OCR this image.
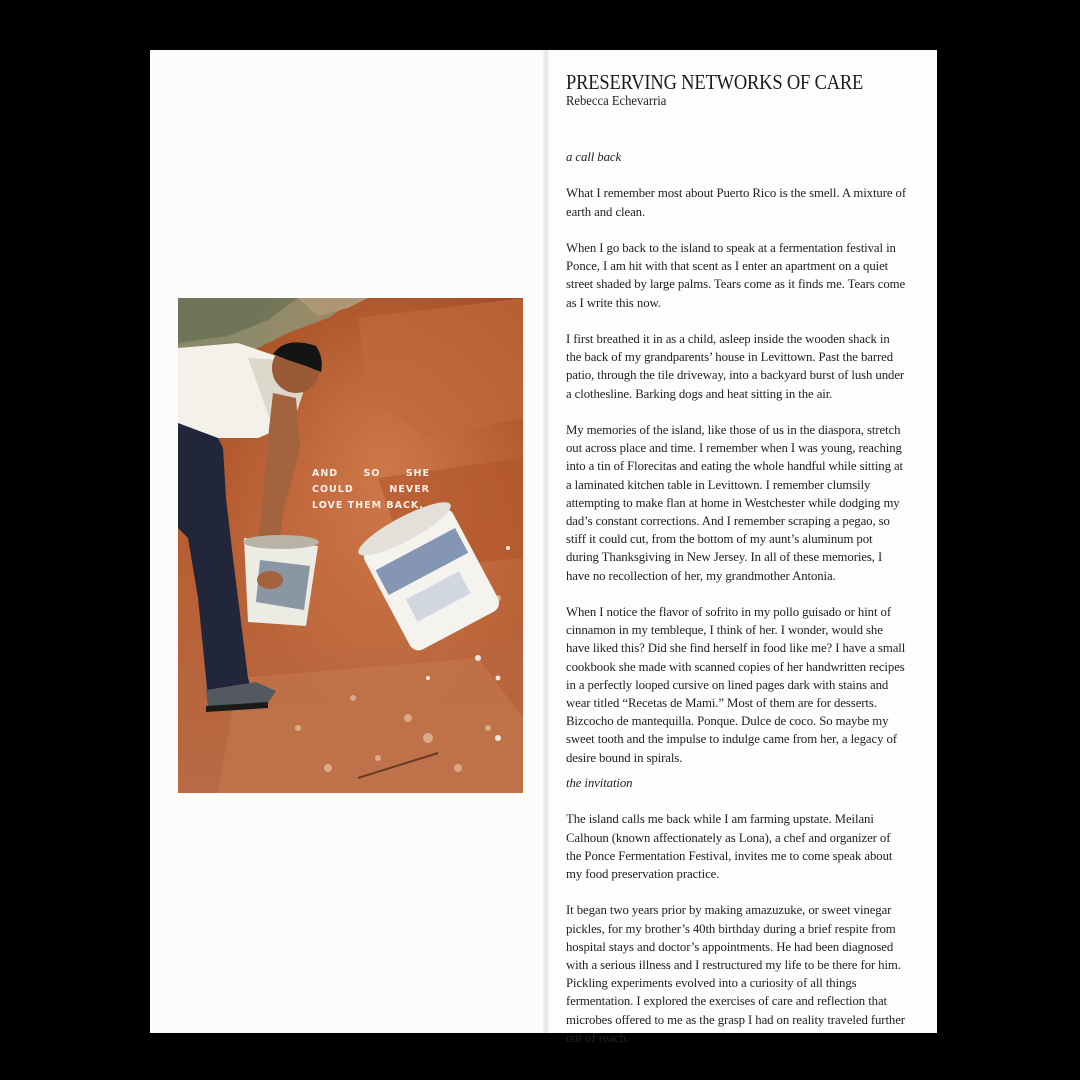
AND SO SHE COULD NEVER LOVE THEM BACK.
PRESERVING NETWORKS OF CARE
Rebecca Echevarria

a call back

What I remember most about Puerto Rico is the smell. A mixture of earth and clean.

When I go back to the island to speak at a fermentation festival in Ponce, I am hit with that scent as I enter an apartment on a quiet street shaded by large palms. Tears come as it finds me. Tears come as I write this now.

I first breathed it in as a child, asleep inside the wooden shack in the back of my grandparents’ house in Levittown. Past the barred patio, through the tile driveway, into a backyard burst of lush under a clothesline. Barking dogs and heat sitting in the air.

My memories of the island, like those of us in the diaspora, stretch out across place and time. I remember when I was young, reaching into a tin of Florecitas and eating the whole handful while sitting at a laminated kitchen table in Levittown. I remember clumsily attempting to make flan at home in Westchester while dodging my dad’s constant corrections. And I remember scraping a pegao, so stiff it could cut, from the bottom of my aunt’s aluminum pot during Thanksgiving in New Jersey. In all of these memories, I have no recollection of her, my grandmother Antonia.

When I notice the flavor of sofrito in my pollo guisado or hint of cinnamon in my tembleque, I think of her. I wonder, would she have liked this? Did she find herself in food like me? I have a small cookbook she made with scanned copies of her handwritten recipes in a perfectly looped cursive on lined pages dark with stains and wear titled “Recetas de Mami.” Most of them are for desserts. Bizcocho de mantequilla. Ponque. Dulce de coco. So maybe my sweet tooth and the impulse to indulge came from her, a legacy of desire bound in spirals.

the invitation

The island calls me back while I am farming upstate. Meilani Calhoun (known affectionately as Lona), a chef and organizer of the Ponce Fermentation Festival, invites me to come speak about my food preservation practice.

It began two years prior by making amazuzuke, or sweet vinegar pickles, for my brother’s 40th birthday during a brief respite from hospital stays and doctor’s appointments. He had been diagnosed with a serious illness and I restructured my life to be there for him. Pickling experiments evolved into a curiosity of all things fermentation. I explored the exercises of care and reflection that microbes offered to me as the grasp I had on reality traveled further out of reach.
